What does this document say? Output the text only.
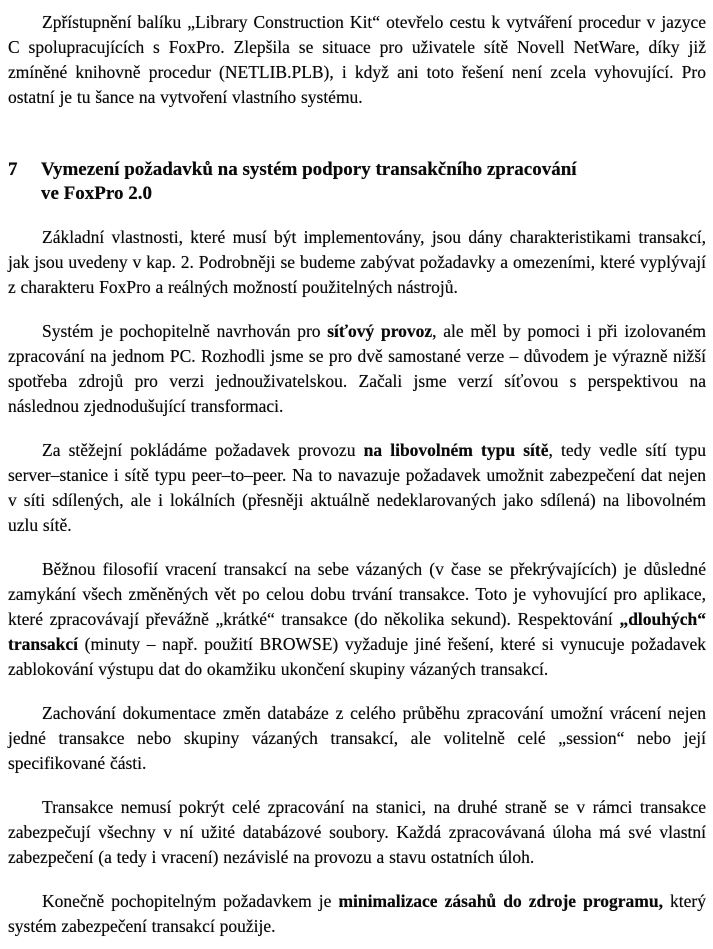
Zpřístupnění balíku „Library Construction Kit“ otevřelo cestu k vytváření procedur v jazyce C spolupracujících s FoxPro. Zlepšila se situace pro uživatele sítě Novell NetWare, díky již zmíněné knihovně procedur (NETLIB.PLB), i když ani toto řešení není zcela vyhovující. Pro ostatní je tu šance na vytvoření vlastního systému.

7	Vymezení požadavků na systém podpory transakčního zpracování
ve FoxPro 2.0

Základní vlastnosti, které musí být implementovány, jsou dány charakteristikami transakcí, jak jsou uvedeny v kap. 2. Podrobněji se budeme zabývat požadavky a omezeními, které vyplývají z charakteru FoxPro a reálných možností použitelných nástrojů.

Systém je pochopitelně navrhován pro síťový provoz, ale měl by pomoci i při izolovaném zpracování na jednom PC. Rozhodli jsme se pro dvě samostané verze – důvodem je výrazně nižší spotřeba zdrojů pro verzi jednouživatelskou. Začali jsme verzí síťovou s perspektivou na následnou zjednodušující transformaci.

Za stěžejní pokládáme požadavek provozu na libovolném typu sítě, tedy vedle sítí typu server–stanice i sítě typu peer–to–peer. Na to navazuje požadavek umožnit zabezpečení dat nejen v síti sdílených, ale i lokálních (přesněji aktuálně nedeklarovaných jako sdílená) na libovolném uzlu sítě.

Běžnou filosofií vracení transakcí na sebe vázaných (v čase se překrývajících) je důsledné zamykání všech změněných vět po celou dobu trvání transakce. Toto je vyhovující pro aplikace, které zpracovávají převážně „krátké“ transakce (do několika sekund). Respektování „dlouhých“ transakcí (minuty – např. použití BROWSE) vyžaduje jiné řešení, které si vynucuje požadavek zablokování výstupu dat do okamžiku ukončení skupiny vázaných transakcí.

Zachování dokumentace změn databáze z celého průběhu zpracování umožní vrácení nejen jedné transakce nebo skupiny vázaných transakcí, ale volitelně celé „session“ nebo její specifikované části.

Transakce nemusí pokrýt celé zpracování na stanici, na druhé straně se v rámci transakce zabezpečují všechny v ní užité databázové soubory. Každá zpracovávaná úloha má své vlastní zabezpečení (a tedy i vracení) nezávislé na provozu a stavu ostatních úloh.

Konečně pochopitelným požadavkem je minimalizace zásahů do zdroje programu, který systém zabezpečení transakcí použije.
